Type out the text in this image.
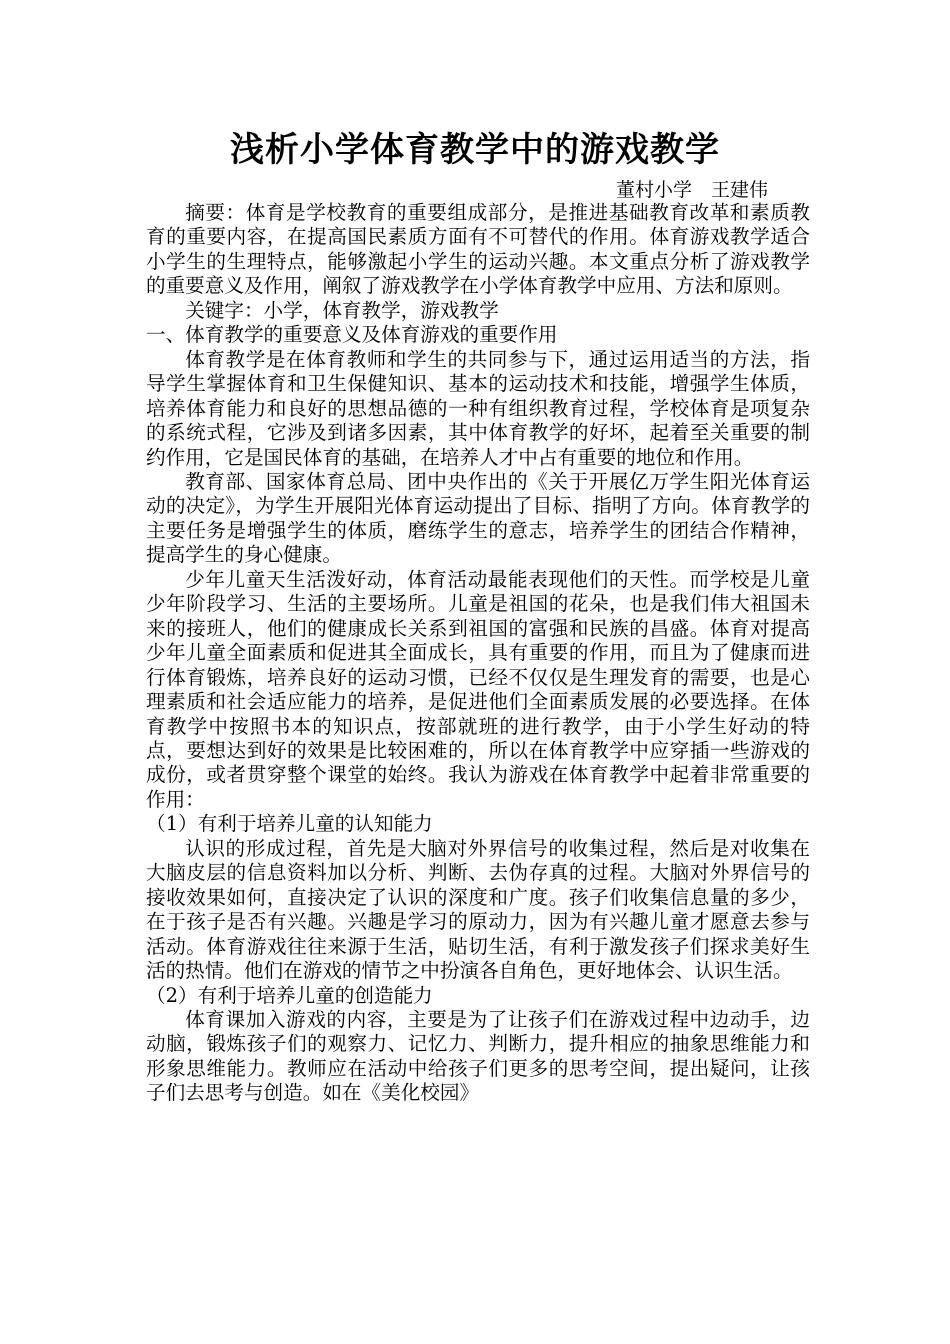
浅析小学体育教学中的游戏教学
董村小学　王建伟

摘要：体育是学校教育的重要组成部分，是推进基础教育改革和素质教育的重要内容，在提高国民素质方面有不可替代的作用。体育游戏教学适合小学生的生理特点，能够激起小学生的运动兴趣。本文重点分析了游戏教学的重要意义及作用，阐叙了游戏教学在小学体育教学中应用、方法和原则。

关键字：小学，体育教学，游戏教学

一、体育教学的重要意义及体育游戏的重要作用

体育教学是在体育教师和学生的共同参与下，通过运用适当的方法，指导学生掌握体育和卫生保健知识、基本的运动技术和技能，增强学生体质，培养体育能力和良好的思想品德的一种有组织教育过程，学校体育是项复杂的系统式程，它涉及到诸多因素，其中体育教学的好坏，起着至关重要的制约作用，它是国民体育的基础，在培养人才中占有重要的地位和作用。

教育部、国家体育总局、团中央作出的《关于开展亿万学生阳光体育运动的决定》，为学生开展阳光体育运动提出了目标、指明了方向。体育教学的主要任务是增强学生的体质，磨练学生的意志，培养学生的团结合作精神，提高学生的身心健康。

少年儿童天生活泼好动，体育活动最能表现他们的天性。而学校是儿童少年阶段学习、生活的主要场所。儿童是祖国的花朵，也是我们伟大祖国未来的接班人，他们的健康成长关系到祖国的富强和民族的昌盛。体育对提高少年儿童全面素质和促进其全面成长，具有重要的作用，而且为了健康而进行体育锻炼，培养良好的运动习惯，已经不仅仅是生理发育的需要，也是心理素质和社会适应能力的培养，是促进他们全面素质发展的必要选择。在体育教学中按照书本的知识点，按部就班的进行教学，由于小学生好动的特点，要想达到好的效果是比较困难的，所以在体育教学中应穿插一些游戏的成份，或者贯穿整个课堂的始终。我认为游戏在体育教学中起着非常重要的作用：

（1）有利于培养儿童的认知能力

认识的形成过程，首先是大脑对外界信号的收集过程，然后是对收集在大脑皮层的信息资料加以分析、判断、去伪存真的过程。大脑对外界信号的接收效果如何，直接决定了认识的深度和广度。孩子们收集信息量的多少，在于孩子是否有兴趣。兴趣是学习的原动力，因为有兴趣儿童才愿意去参与活动。体育游戏往往来源于生活，贴切生活，有利于激发孩子们探求美好生活的热情。他们在游戏的情节之中扮演各自角色，更好地体会、认识生活。

（2）有利于培养儿童的创造能力

体育课加入游戏的内容，主要是为了让孩子们在游戏过程中边动手，边动脑，锻炼孩子们的观察力、记忆力、判断力，提升相应的抽象思维能力和形象思维能力。教师应在活动中给孩子们更多的思考空间，提出疑问，让孩子们去思考与创造。如在《美化校园》
